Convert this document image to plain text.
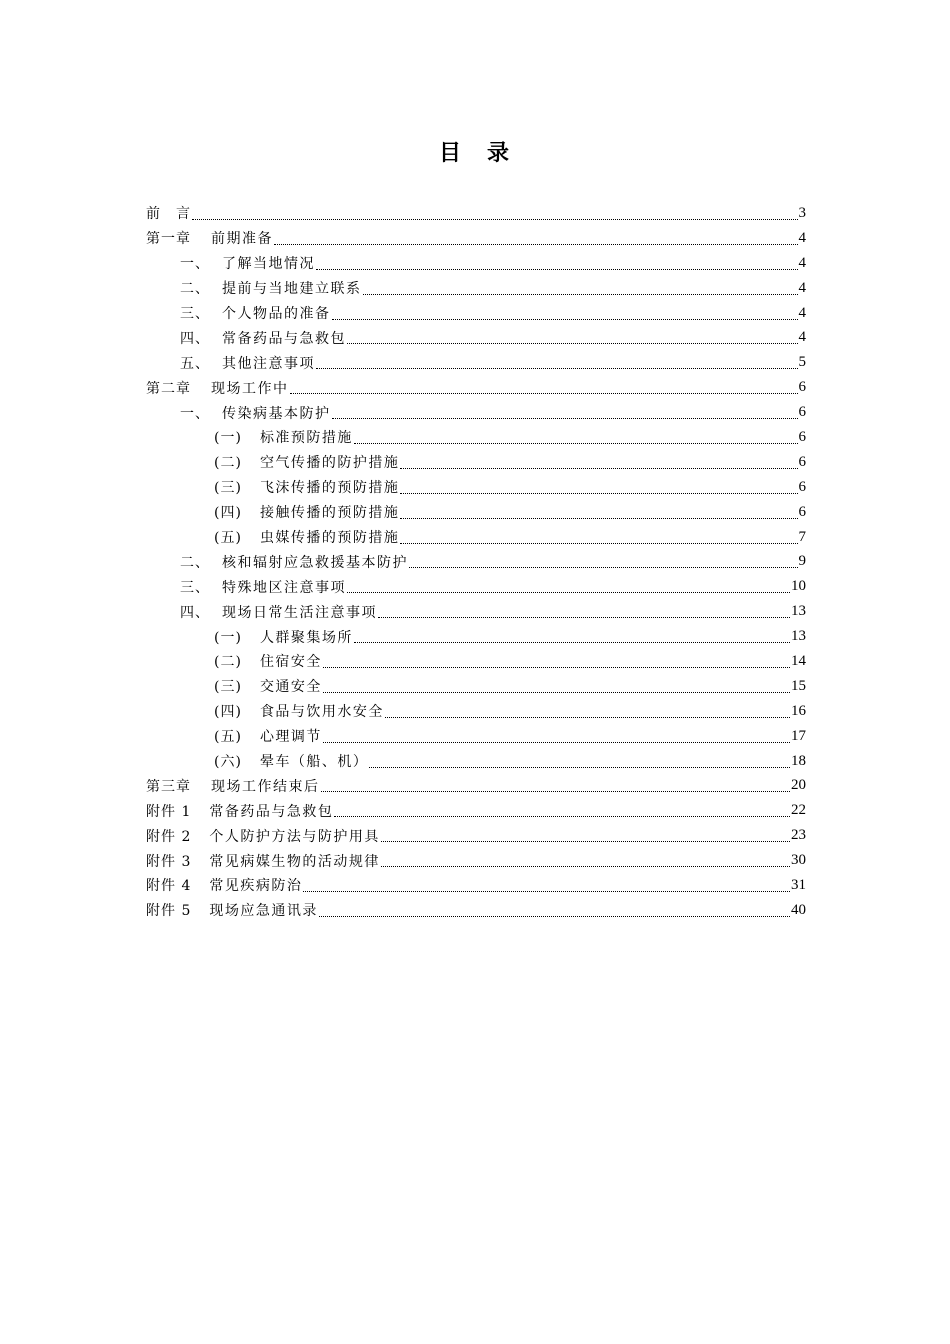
目　录
前　言	3
第一章 前期准备	4
一、 了解当地情况	4
二、 提前与当地建立联系	4
三、 个人物品的准备	4
四、 常备药品与急救包	4
五、 其他注意事项	5
第二章 现场工作中	6
一、 传染病基本防护	6
(一) 标准预防措施	6
(二) 空气传播的防护措施	6
(三) 飞沫传播的预防措施	6
(四) 接触传播的预防措施	6
(五) 虫媒传播的预防措施	7
二、 核和辐射应急救援基本防护	9
三、 特殊地区注意事项	10
四、 现场日常生活注意事项	13
(一) 人群聚集场所	13
(二) 住宿安全	14
(三) 交通安全	15
(四) 食品与饮用水安全	16
(五) 心理调节	17
(六) 晕车（船、机）	18
第三章 现场工作结束后	20
附件 1 常备药品与急救包	22
附件 2 个人防护方法与防护用具	23
附件 3 常见病媒生物的活动规律	30
附件 4 常见疾病防治	31
附件 5 现场应急通讯录	40
